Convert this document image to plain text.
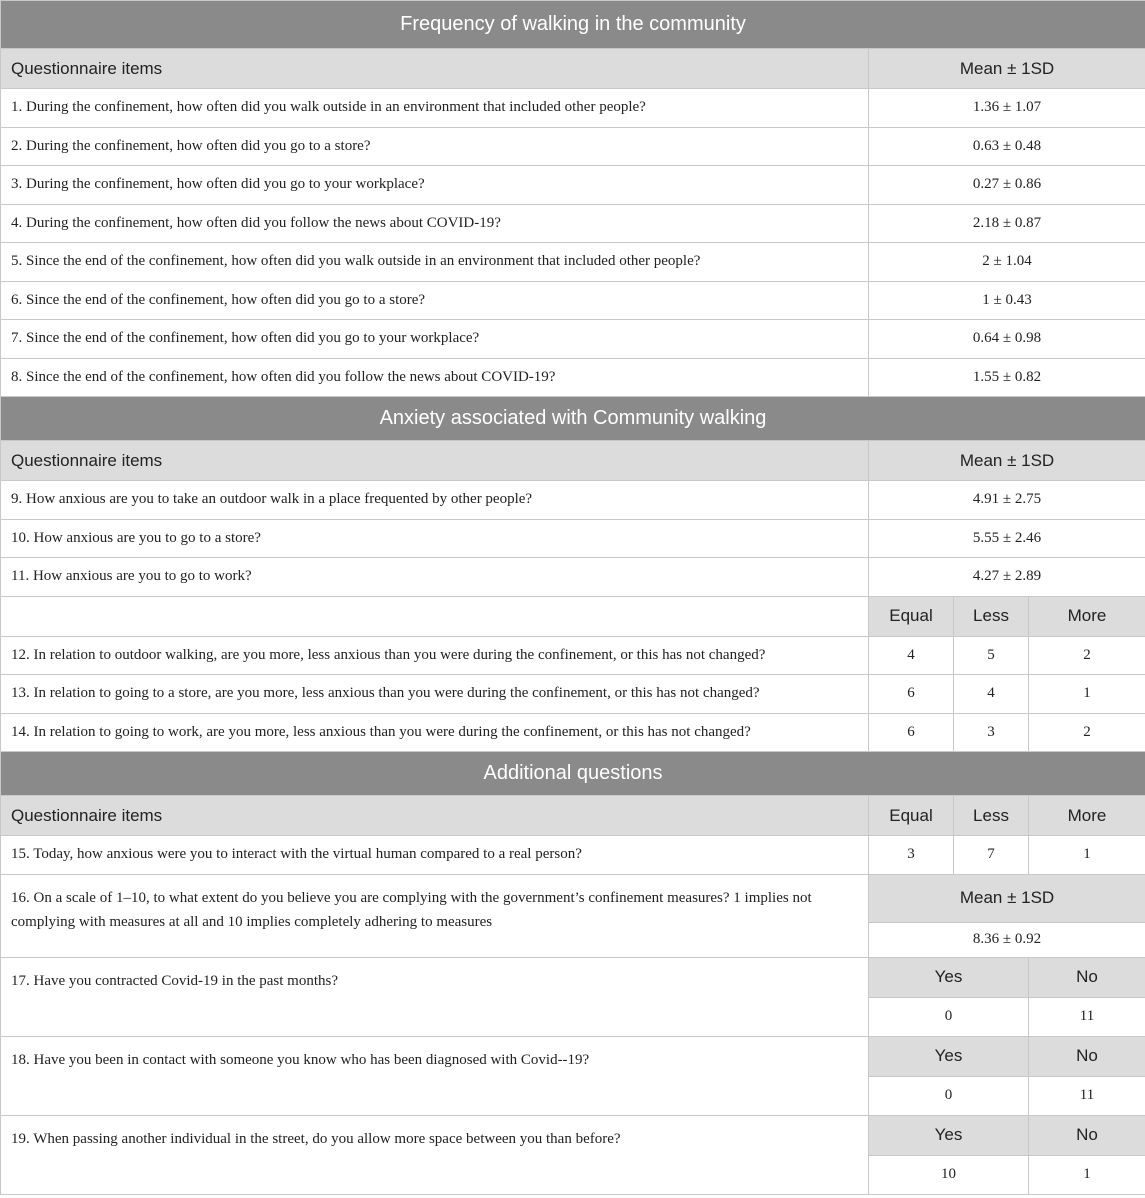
Frequency of walking in the community			
Questionnaire items	Mean ± 1SD		
1. During the confinement, how often did you walk outside in an environment that included other people?	1.36 ± 1.07		
2. During the confinement, how often did you go to a store?	0.63 ± 0.48		
3. During the confinement, how often did you go to your workplace?	0.27 ± 0.86		
4. During the confinement, how often did you follow the news about COVID-19?	2.18 ± 0.87		
5. Since the end of the confinement, how often did you walk outside in an environment that included other people?	2 ± 1.04		
6. Since the end of the confinement, how often did you go to a store?	1 ± 0.43		
7. Since the end of the confinement, how often did you go to your workplace?	0.64 ± 0.98		
8. Since the end of the confinement, how often did you follow the news about COVID-19?	1.55 ± 0.82		
Anxiety associated with Community walking			
Questionnaire items	Mean ± 1SD		
9. How anxious are you to take an outdoor walk in a place frequented by other people?	4.91 ± 2.75		
10. How anxious are you to go to a store?	5.55 ± 2.46		
11. How anxious are you to go to work?	4.27 ± 2.89		
	Equal	Less	More
12. In relation to outdoor walking, are you more, less anxious than you were during the confinement, or this has not changed?	4	5	2
13. In relation to going to a store, are you more, less anxious than you were during the confinement, or this has not changed?	6	4	1
14. In relation to going to work, are you more, less anxious than you were during the confinement, or this has not changed?	6	3	2
Additional questions			
Questionnaire items	Equal	Less	More
15. Today, how anxious were you to interact with the virtual human compared to a real person?	3	7	1
16. On a scale of 1–10, to what extent do you believe you are complying with the government’s confinement measures? 1 implies not complying with measures at all and 10 implies completely adhering to measures	Mean ± 1SD		
	8.36 ± 0.92		
17. Have you contracted Covid-19 in the past months?	Yes		No
	0		11
18. Have you been in contact with someone you know who has been diagnosed with Covid--19?	Yes		No
	0		11
19. When passing another individual in the street, do you allow more space between you than before?	Yes		No
	10		1
